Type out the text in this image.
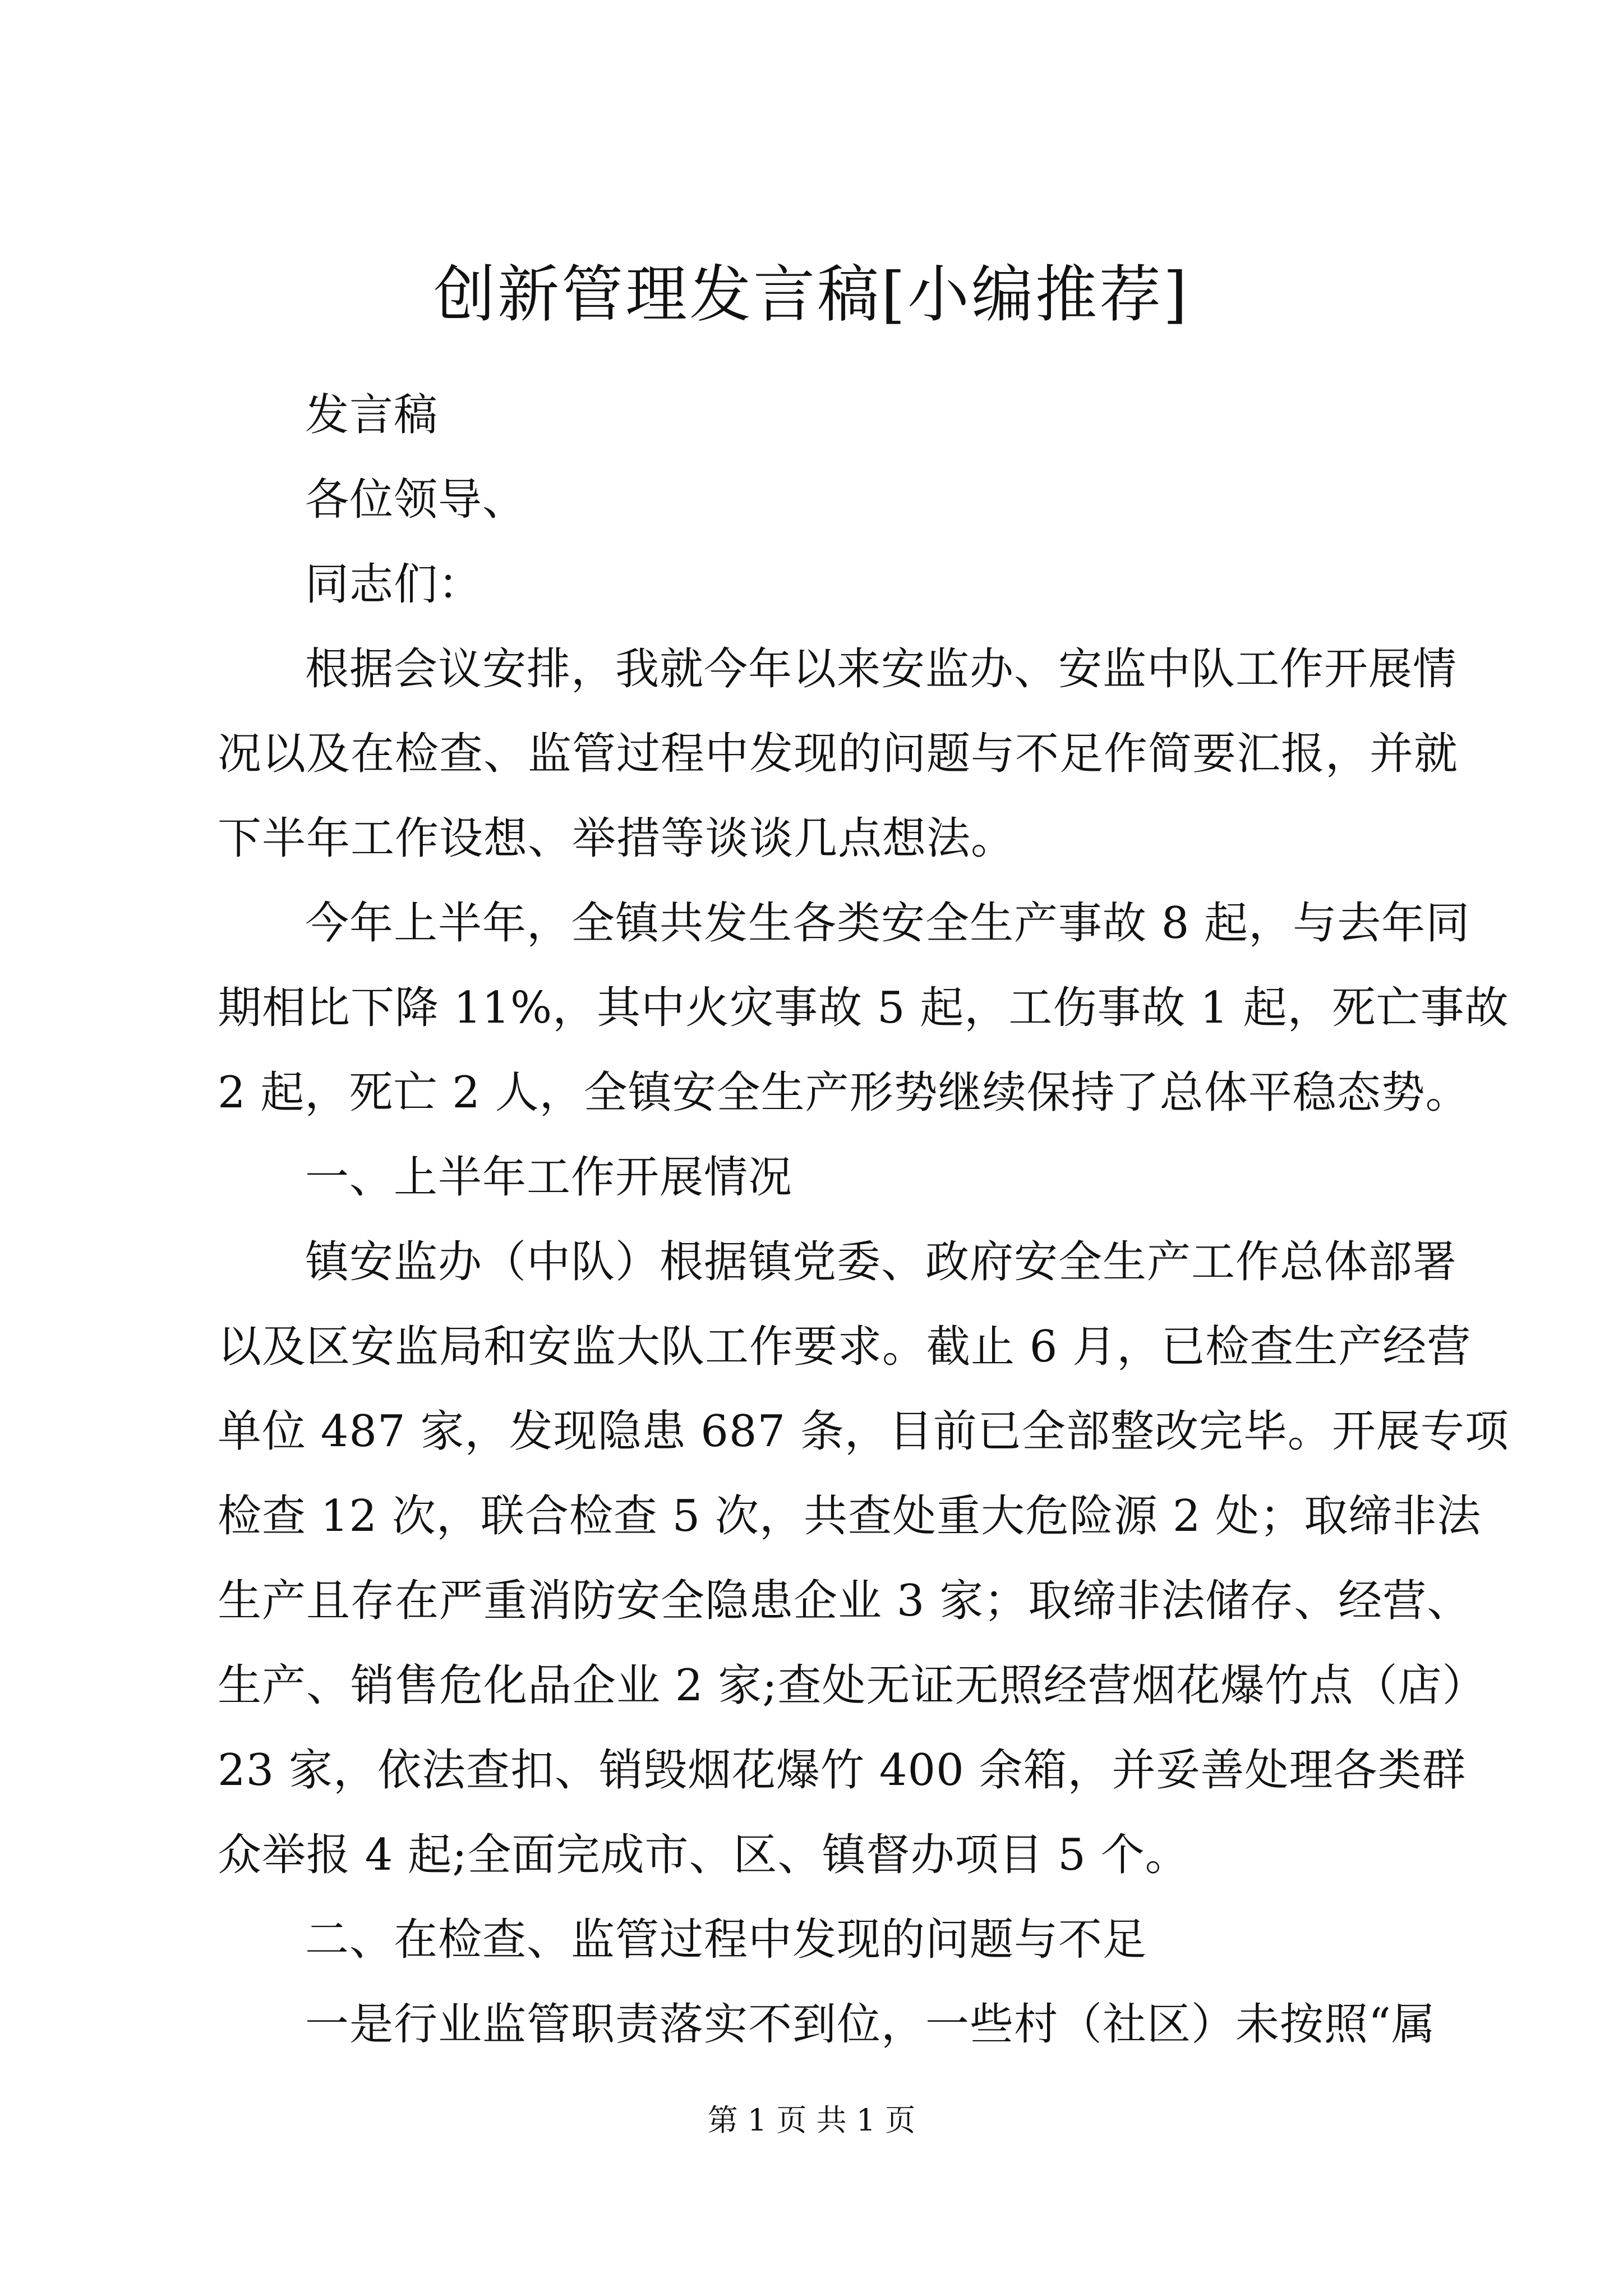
创新管理发言稿[小编推荐]
发言稿
各位领导、
同志们：
根据会议安排，我就今年以来安监办、安监中队工作开展情
况以及在检查、监管过程中发现的问题与不足作简要汇报，并就
下半年工作设想、举措等谈谈几点想法。
今年上半年，全镇共发生各类安全生产事故 8 起，与去年同
期相比下降 11%，其中火灾事故 5 起，工伤事故 1 起，死亡事故
2 起，死亡 2 人，全镇安全生产形势继续保持了总体平稳态势。
一、上半年工作开展情况
镇安监办（中队）根据镇党委、政府安全生产工作总体部署
以及区安监局和安监大队工作要求。截止 6 月，已检查生产经营
单位 487 家，发现隐患 687 条，目前已全部整改完毕。开展专项
检查 12 次，联合检查 5 次，共查处重大危险源 2 处；取缔非法
生产且存在严重消防安全隐患企业 3 家；取缔非法储存、经营、
生产、销售危化品企业 2 家;查处无证无照经营烟花爆竹点（店）
23 家，依法查扣、销毁烟花爆竹 400 余箱，并妥善处理各类群
众举报 4 起;全面完成市、区、镇督办项目 5 个。
二、在检查、监管过程中发现的问题与不足
一是行业监管职责落实不到位，一些村（社区）未按照“属
第 1 页 共 1 页
